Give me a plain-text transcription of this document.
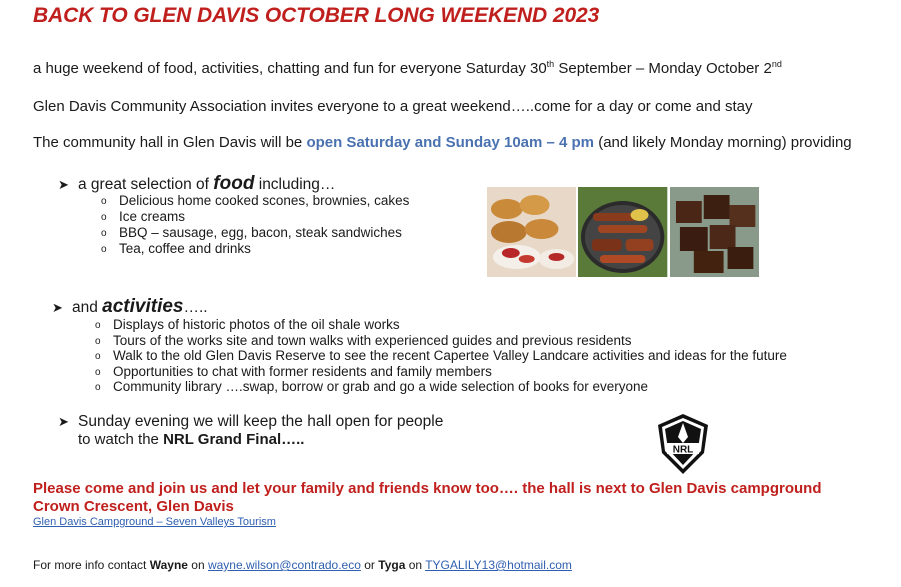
BACK TO GLEN DAVIS OCTOBER LONG WEEKEND 2023
a huge weekend of food, activities, chatting and fun for everyone Saturday 30th September – Monday October 2nd
Glen Davis Community Association invites everyone to a great weekend…..come for a day or come and stay
The community hall in Glen Davis will be open Saturday and Sunday 10am – 4 pm (and likely Monday morning) providing
➤ a great selection of food including…
o Delicious home cooked scones, brownies, cakes
o Ice creams
o BBQ – sausage, egg, bacon, steak sandwiches
o Tea, coffee and drinks
➤ and activities…..
o Displays of historic photos of the oil shale works
o Tours of the works site and town walks with experienced guides and previous residents
o Walk to the old Glen Davis Reserve to see the recent Capertee Valley Landcare activities and ideas for the future
o Opportunities to chat with former residents and family members
o Community library ….swap, borrow or grab and go a wide selection of books for everyone
➤ Sunday evening we will keep the hall open for people
to watch the NRL Grand Final…..
NRL
Please come and join us and let your family and friends know too…. the hall is next to Glen Davis campground
Crown Crescent, Glen Davis
Glen Davis Campground – Seven Valleys Tourism
For more info contact Wayne on wayne.wilson@contrado.eco or Tyga on TYGALILY13@hotmail.com
